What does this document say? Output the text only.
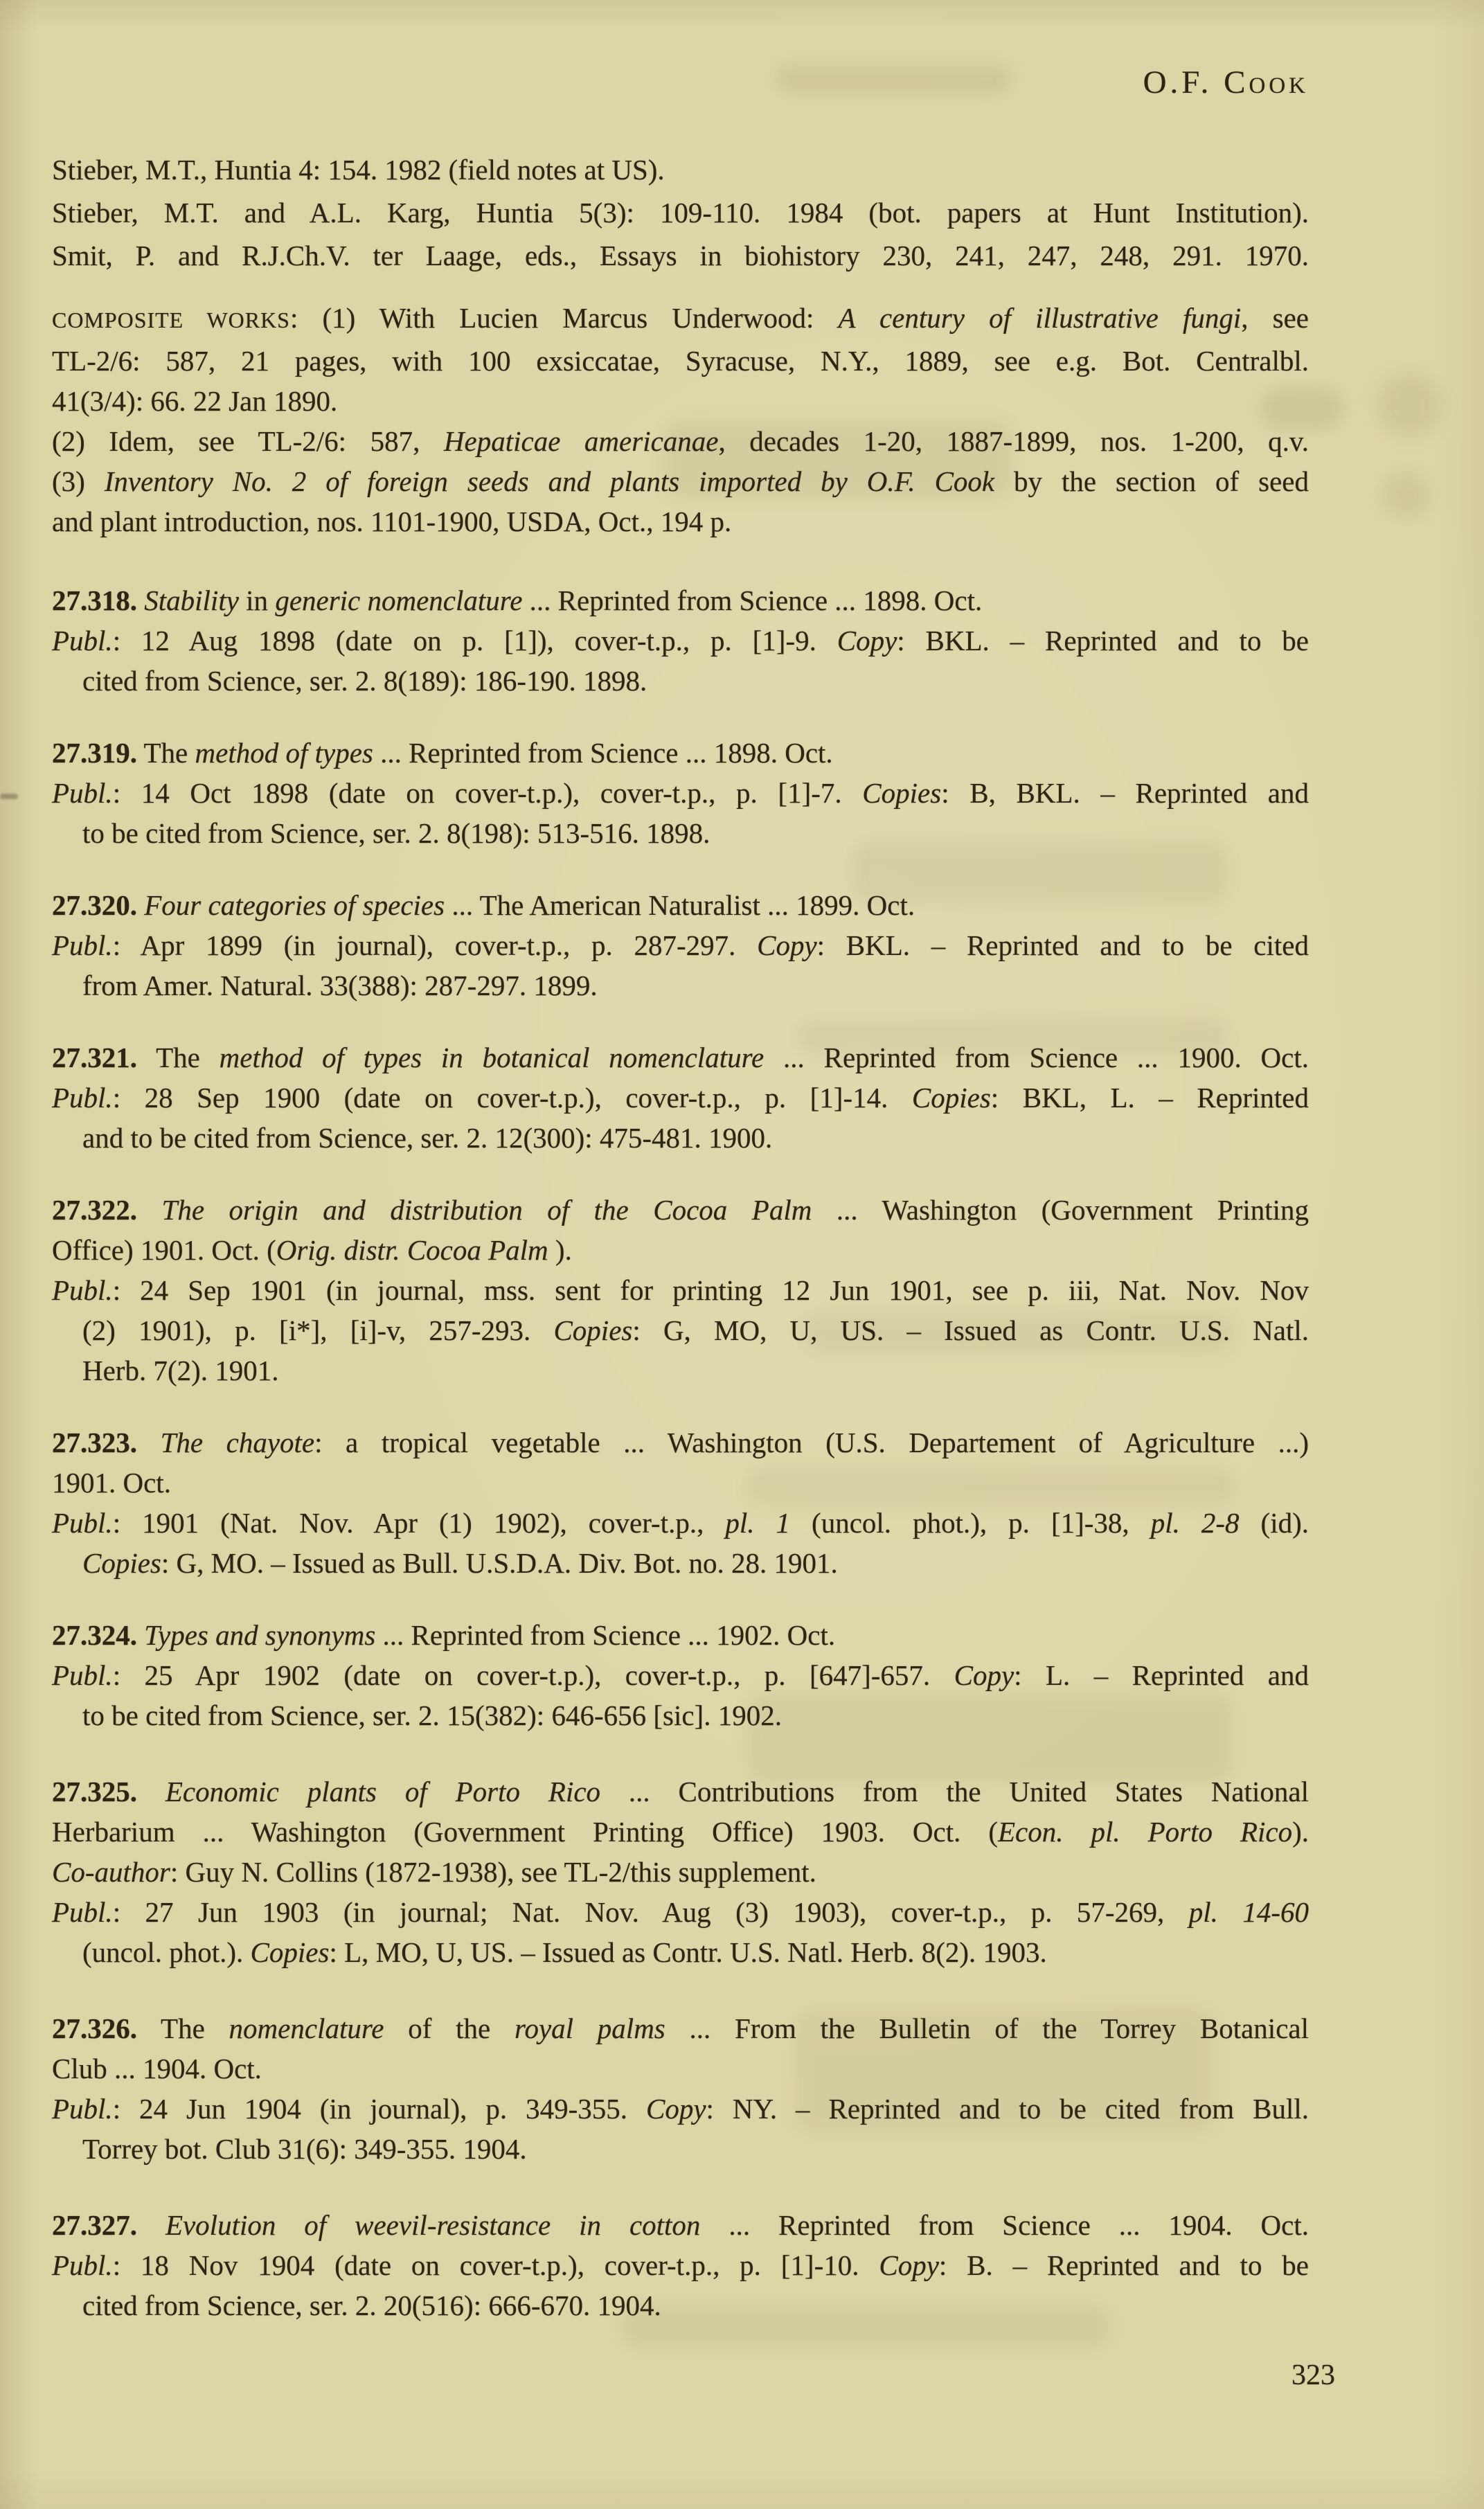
O.F. Cook
Stieber, M.T., Huntia 4: 154. 1982 (field notes at US).
Stieber, M.T. and A.L. Karg, Huntia 5(3): 109-110. 1984 (bot. papers at Hunt Institution).
Smit, P. and R.J.Ch.V. ter Laage, eds., Essays in biohistory 230, 241, 247, 248, 291. 1970.
COMPOSITE WORKS: (1) With Lucien Marcus Underwood: A century of illustrative fungi, see
TL-2/6: 587, 21 pages, with 100 exsiccatae, Syracuse, N.Y., 1889, see e.g. Bot. Centralbl.
41(3/4): 66. 22 Jan 1890.
(2) Idem, see TL-2/6: 587, Hepaticae americanae, decades 1-20, 1887-1899, nos. 1-200, q.v.
(3) Inventory No. 2 of foreign seeds and plants imported by O.F. Cook by the section of seed
and plant introduction, nos. 1101-1900, USDA, Oct., 194 p.
27.318. Stability in generic nomenclature ... Reprinted from Science ... 1898. Oct.
Publ.: 12 Aug 1898 (date on p. [1]), cover-t.p., p. [1]-9. Copy: BKL. – Reprinted and to be
cited from Science, ser. 2. 8(189): 186-190. 1898.
27.319. The method of types ... Reprinted from Science ... 1898. Oct.
Publ.: 14 Oct 1898 (date on cover-t.p.), cover-t.p., p. [1]-7. Copies: B, BKL. – Reprinted and
to be cited from Science, ser. 2. 8(198): 513-516. 1898.
27.320. Four categories of species ... The American Naturalist ... 1899. Oct.
Publ.: Apr 1899 (in journal), cover-t.p., p. 287-297. Copy: BKL. – Reprinted and to be cited
from Amer. Natural. 33(388): 287-297. 1899.
27.321. The method of types in botanical nomenclature ... Reprinted from Science ... 1900. Oct.
Publ.: 28 Sep 1900 (date on cover-t.p.), cover-t.p., p. [1]-14. Copies: BKL, L. – Reprinted
and to be cited from Science, ser. 2. 12(300): 475-481. 1900.
27.322. The origin and distribution of the Cocoa Palm ... Washington (Government Printing
Office) 1901. Oct. (Orig. distr. Cocoa Palm ).
Publ.: 24 Sep 1901 (in journal, mss. sent for printing 12 Jun 1901, see p. iii, Nat. Nov. Nov
(2) 1901), p. [i*], [i]-v, 257-293. Copies: G, MO, U, US. – Issued as Contr. U.S. Natl.
Herb. 7(2). 1901.
27.323. The chayote: a tropical vegetable ... Washington (U.S. Departement of Agriculture ...)
1901. Oct.
Publ.: 1901 (Nat. Nov. Apr (1) 1902), cover-t.p., pl. 1 (uncol. phot.), p. [1]-38, pl. 2-8 (id).
Copies: G, MO. – Issued as Bull. U.S.D.A. Div. Bot. no. 28. 1901.
27.324. Types and synonyms ... Reprinted from Science ... 1902. Oct.
Publ.: 25 Apr 1902 (date on cover-t.p.), cover-t.p., p. [647]-657. Copy: L. – Reprinted and
to be cited from Science, ser. 2. 15(382): 646-656 [sic]. 1902.
27.325. Economic plants of Porto Rico ... Contributions from the United States National
Herbarium ... Washington (Government Printing Office) 1903. Oct. (Econ. pl. Porto Rico).
Co-author: Guy N. Collins (1872-1938), see TL-2/this supplement.
Publ.: 27 Jun 1903 (in journal; Nat. Nov. Aug (3) 1903), cover-t.p., p. 57-269, pl. 14-60
(uncol. phot.). Copies: L, MO, U, US. – Issued as Contr. U.S. Natl. Herb. 8(2). 1903.
27.326. The nomenclature of the royal palms ... From the Bulletin of the Torrey Botanical
Club ... 1904. Oct.
Publ.: 24 Jun 1904 (in journal), p. 349-355. Copy: NY. – Reprinted and to be cited from Bull.
Torrey bot. Club 31(6): 349-355. 1904.
27.327. Evolution of weevil-resistance in cotton ... Reprinted from Science ... 1904. Oct.
Publ.: 18 Nov 1904 (date on cover-t.p.), cover-t.p., p. [1]-10. Copy: B. – Reprinted and to be
cited from Science, ser. 2. 20(516): 666-670. 1904.
323
